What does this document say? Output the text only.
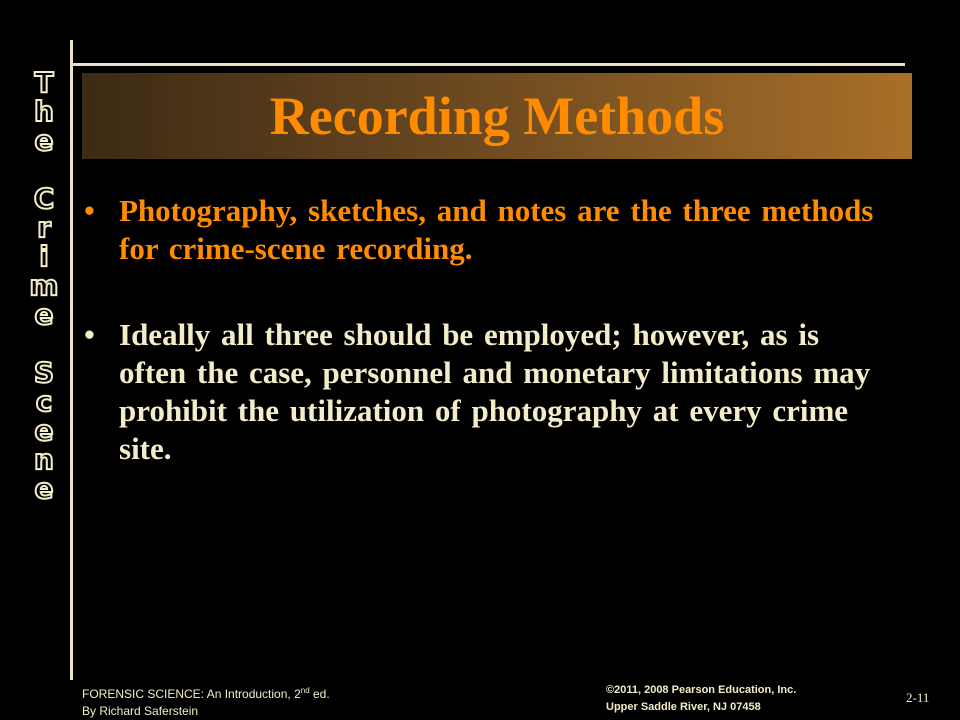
T
h
e
C
r
i
m
e
S
c
e
n
e
Recording Methods
• Photography, sketches, and notes are the three methods for crime-scene recording.
• Ideally all three should be employed; however, as is often the case, personnel and monetary limitations may prohibit the utilization of photography at every crime site.
FORENSIC SCIENCE: An Introduction, 2nd ed.
By Richard Saferstein
©2011, 2008 Pearson Education, Inc.
Upper Saddle River, NJ 07458
2-11
